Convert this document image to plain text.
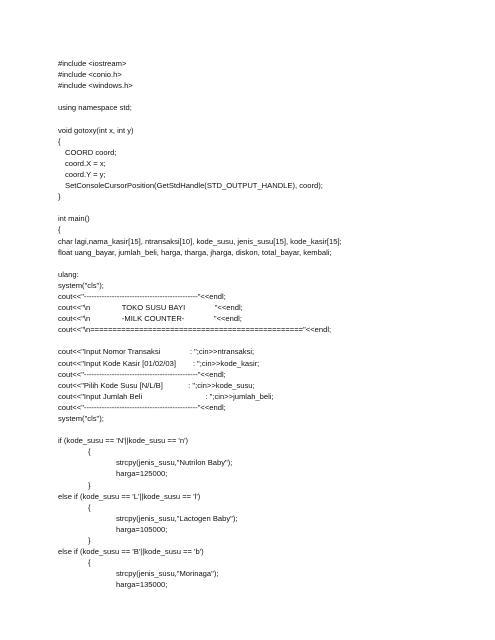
#include <iostream>
#include <conio.h>
#include <windows.h>
using namespace std;
void gotoxy(int x, int y)
{
COORD coord;
coord.X = x;
coord.Y = y;
SetConsoleCursorPosition(GetStdHandle(STD_OUTPUT_HANDLE), coord);
}
int main()
{
char lagi,nama_kasir[15], ntransaksi[10], kode_susu, jenis_susu[15], kode_kasir[15];
float uang_bayar, jumlah_beli, harga, tharga, jharga, diskon, total_bayar, kembali;
ulang:
system("cls");
cout<<"---------------------------------------------"<<endl;
cout<<"\n               TOKO SUSU BAYI              "<<endl;
cout<<"\n               -MILK COUNTER-              "<<endl;
cout<<"\n================================================"<<endl;
cout<<"Input Nomor Transaksi              : ";cin>>ntransaksi;
cout<<"Input Kode Kasir [01/02/03]        : ";cin>>kode_kasir;
cout<<"---------------------------------------------"<<endl;
cout<<"Pilih Kode Susu [N/L/B]            : ";cin>>kode_susu;
cout<<"Input Jumlah Beli                              : ";cin>>jumlah_beli;
cout<<"---------------------------------------------"<<endl;
system("cls");
if (kode_susu == 'N'||kode_susu == 'n')
{
strcpy(jenis_susu,"Nutrilon Baby");
harga=125000;
}
else if (kode_susu == 'L'||kode_susu == 'l')
{
strcpy(jenis_susu,"Lactogen Baby");
harga=105000;
}
else if (kode_susu == 'B'||kode_susu == 'b')
{
strcpy(jenis_susu,"Morinaga");
harga=135000;
